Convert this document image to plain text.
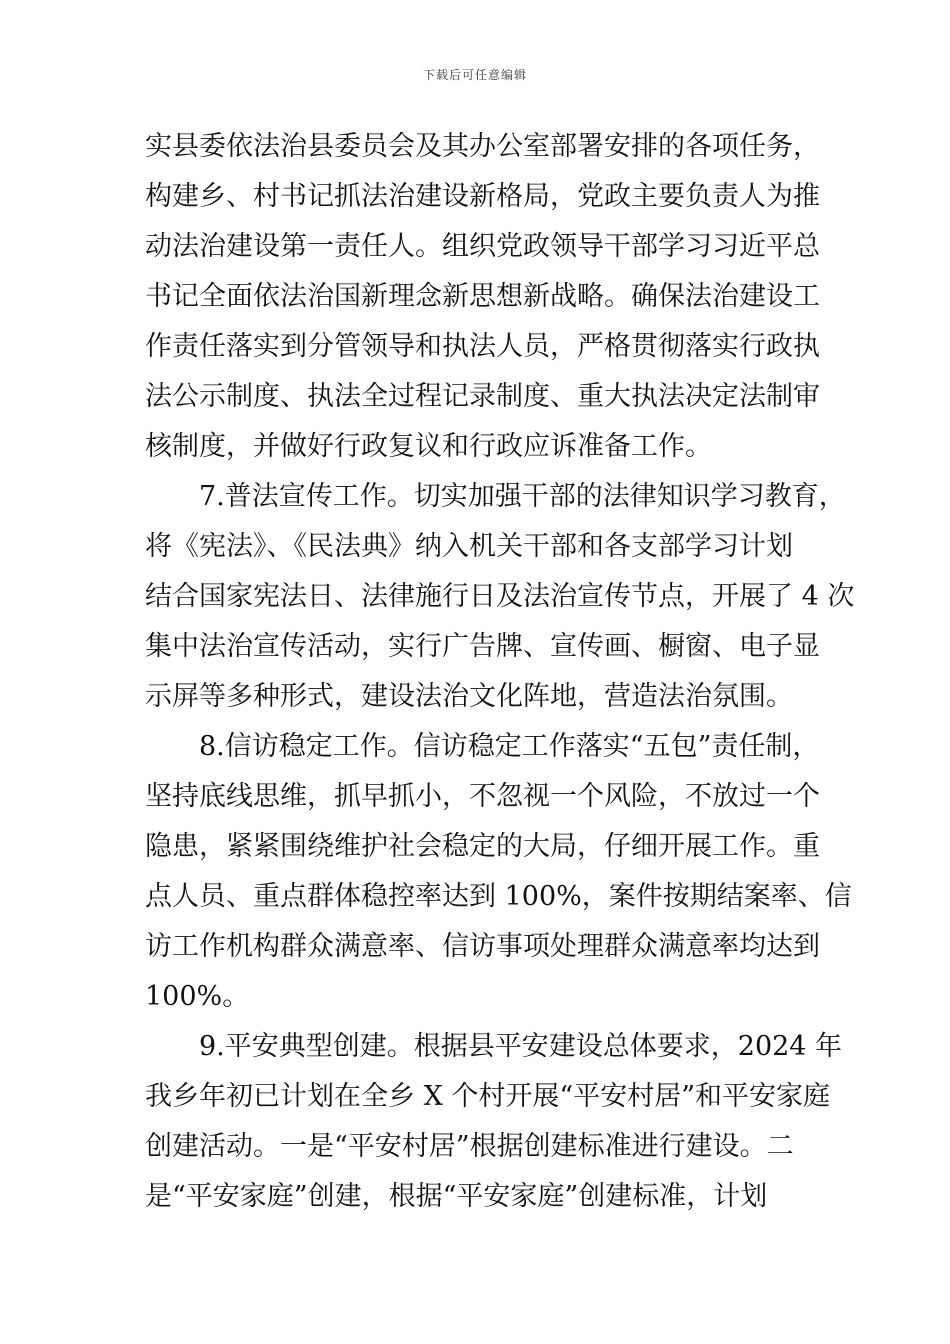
下载后可任意编辑
实县委依法治县委员会及其办公室部署安排的各项任务，
构建乡、村书记抓法治建设新格局，党政主要负责人为推
动法治建设第一责任人。组织党政领导干部学习习近平总
书记全面依法治国新理念新思想新战略。确保法治建设工
作责任落实到分管领导和执法人员，严格贯彻落实行政执
法公示制度、执法全过程记录制度、重大执法决定法制审
核制度，并做好行政复议和行政应诉准备工作。
7.普法宣传工作。切实加强干部的法律知识学习教育，
将《宪法》、《民法典》纳入机关干部和各支部学习计划
结合国家宪法日、法律施行日及法治宣传节点，开展了 4 次
集中法治宣传活动，实行广告牌、宣传画、橱窗、电子显
示屏等多种形式，建设法治文化阵地，营造法治氛围。
8.信访稳定工作。信访稳定工作落实“五包”责任制，
坚持底线思维，抓早抓小，不忽视一个风险，不放过一个
隐患，紧紧围绕维护社会稳定的大局，仔细开展工作。重
点人员、重点群体稳控率达到 100%，案件按期结案率、信
访工作机构群众满意率、信访事项处理群众满意率均达到
100%。
9.平安典型创建。根据县平安建设总体要求，2024 年
我乡年初已计划在全乡 X 个村开展“平安村居”和平安家庭
创建活动。一是“平安村居”根据创建标准进行建设。二
是“平安家庭”创建，根据“平安家庭”创建标准，计划
